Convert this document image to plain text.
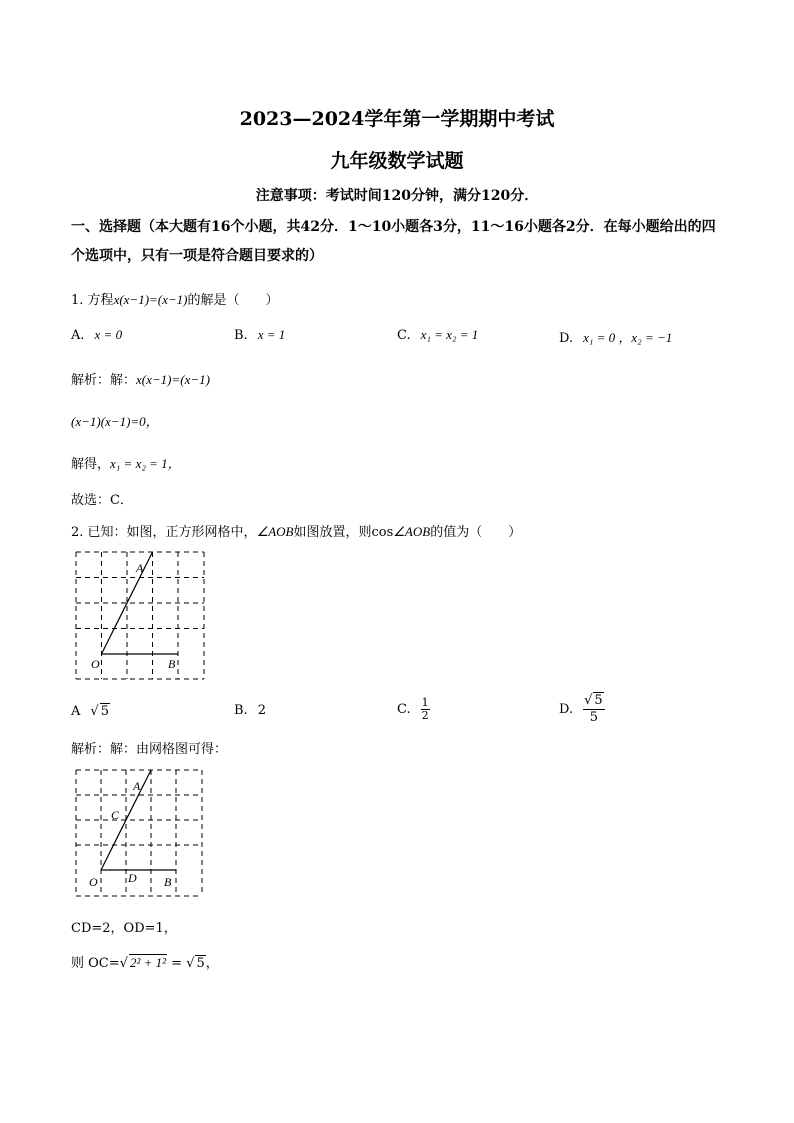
2023—2024学年第一学期期中考试
九年级数学试题
注意事项：考试时间120分钟，满分120分．
一、选择题（本大题有16个小题，共42分．1～10小题各3分，11～16小题各2分．在每小题给出的四个选项中，只有一项是符合题目要求的）
1. 方程x(x−1)=(x−1)的解是（　　）
A. x = 0	B. x = 1	C. x₁ = x₂ = 1	D. x₁ = 0 ，x₂ = −1
解析：解：x(x−1)=(x−1)
(x−1)(x−1)=0，
解得，x₁ = x₂ = 1，
故选：C．
2. 已知：如图，正方形网格中，∠AOB如图放置，则cos∠AOB的值为（　　）
A
O	B
A √ 5	B. 2	C. $\frac{1}{2}$	D. $\frac{√ 5}{5}$
解析：解：由网格图可得：
A
C
O	D B
CD=2，OD=1，
则 OC=√ 2² + 1² = √ 5，
